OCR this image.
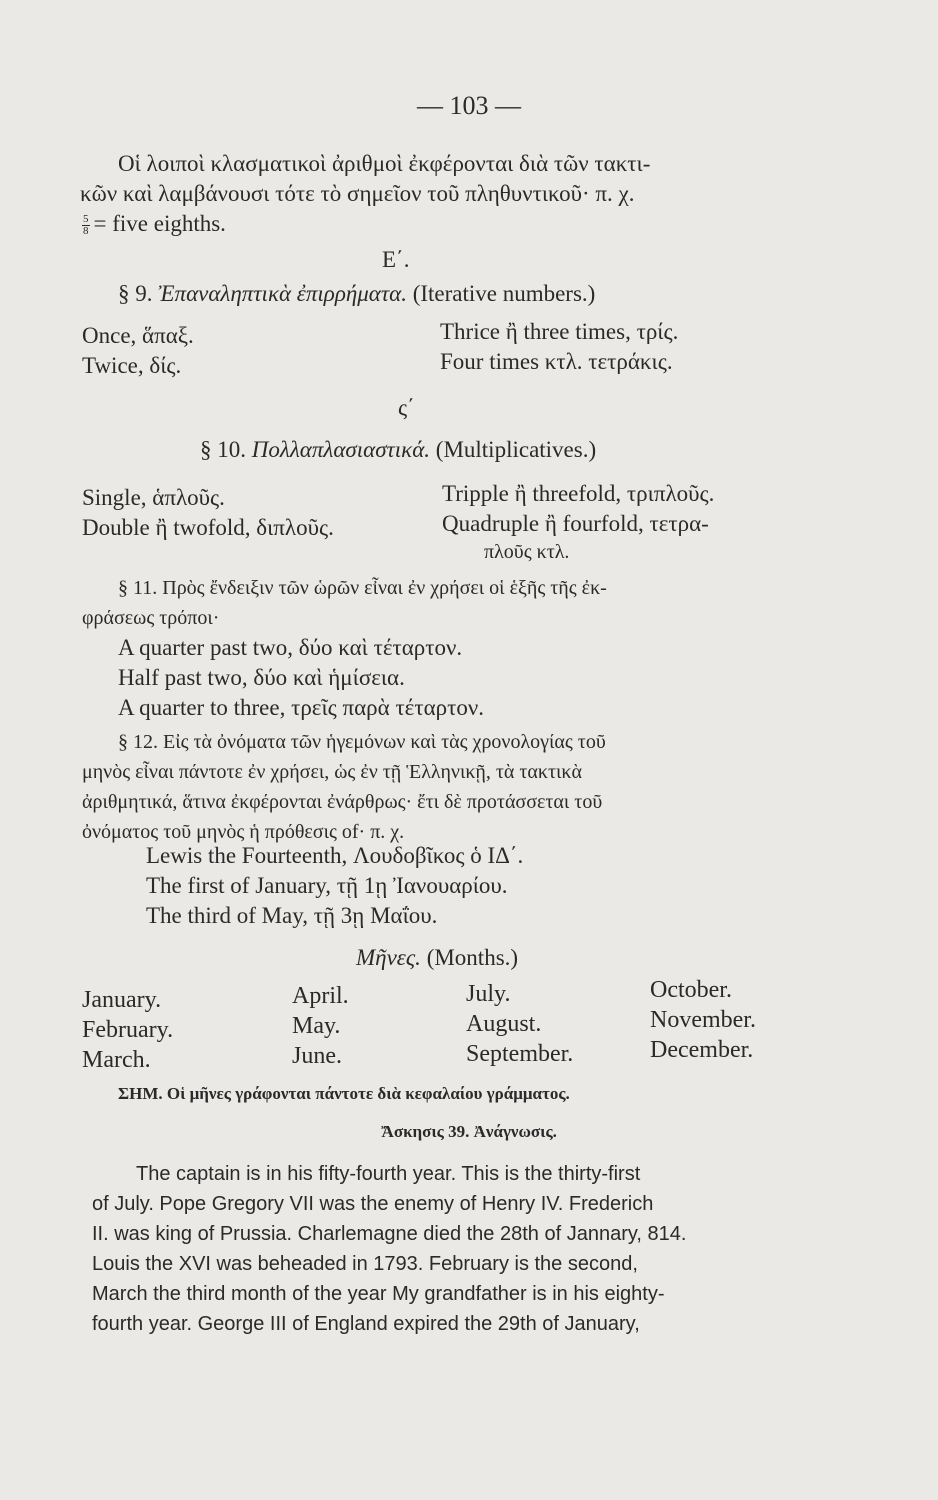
— 103 —
Οἱ λοιποὶ κλασματικοὶ ἀριθμοὶ ἐκφέρονται διὰ τῶν τακτι-
κῶν καὶ λαμβάνουσι τότε τὸ σημεῖον τοῦ πληθυντικοῦ· π. χ.
$\frac{5}{8}$ = five eighths.
Ε΄.
§ 9. Ἐπαναληπτικὰ ἐπιρρήματα. (Iterative numbers.)
Once, ἅπαξ.
Twice, δίς.
Thrice ἢ three times, τρίς.
Four times κτλ. τετράκις.
ς΄
§ 10. Πολλαπλασιαστικά. (Multiplicatives.)
Single, ἁπλοῦς.
Double ἢ twofold, διπλοῦς.
Tripple ἢ threefold, τριπλοῦς.
Quadruple ἢ fourfold, τετρα-
πλοῦς κτλ.
§ 11. Πρὸς ἔνδειξιν τῶν ὡρῶν εἶναι ἐν χρήσει οἱ ἑξῆς τῆς ἐκ-
φράσεως τρόποι·
A quarter past two, δύο καὶ τέταρτον.
Half past two, δύο καὶ ἡμίσεια.
A quarter to three, τρεῖς παρὰ τέταρτον.
§ 12. Εἰς τὰ ὀνόματα τῶν ἡγεμόνων καὶ τὰς χρονολογίας τοῦ
μηνὸς εἶναι πάντοτε ἐν χρήσει, ὡς ἐν τῇ Ἑλληνικῇ, τὰ τακτικὰ
ἀριθμητικά, ἅτινα ἐκφέρονται ἐνάρθρως· ἔτι δὲ προτάσσεται τοῦ
ὀνόματος τοῦ μηνὸς ἡ πρόθεσις of· π. χ.
Lewis the Fourteenth, Λουδοβῖκος ὁ ΙΔ΄.
The first of January, τῇ 1ῃ Ἰανουαρίου.
The third of May, τῇ 3ῃ Μαΐου.
Μῆνες. (Months.)
January.
February.
March.
April.
May.
June.
July.
August.
September.
October.
November.
December.
ΣΗΜ. Οἱ μῆνες γράφονται πάντοτε διὰ κεφαλαίου γράμματος.
Ἄσκησις 39. Ἀνάγνωσις.
The captain is in his fifty-fourth year. This is the thirty-first
of July. Pope Gregory VII was the enemy of Henry IV. Frederich
II. was king of Prussia. Charlemagne died the 28th of Jannary, 814.
Louis the XVI was beheaded in 1793. February is the second,
March the third month of the year My grandfather is in his eighty-
fourth year. George III of England expired the 29th of January,
